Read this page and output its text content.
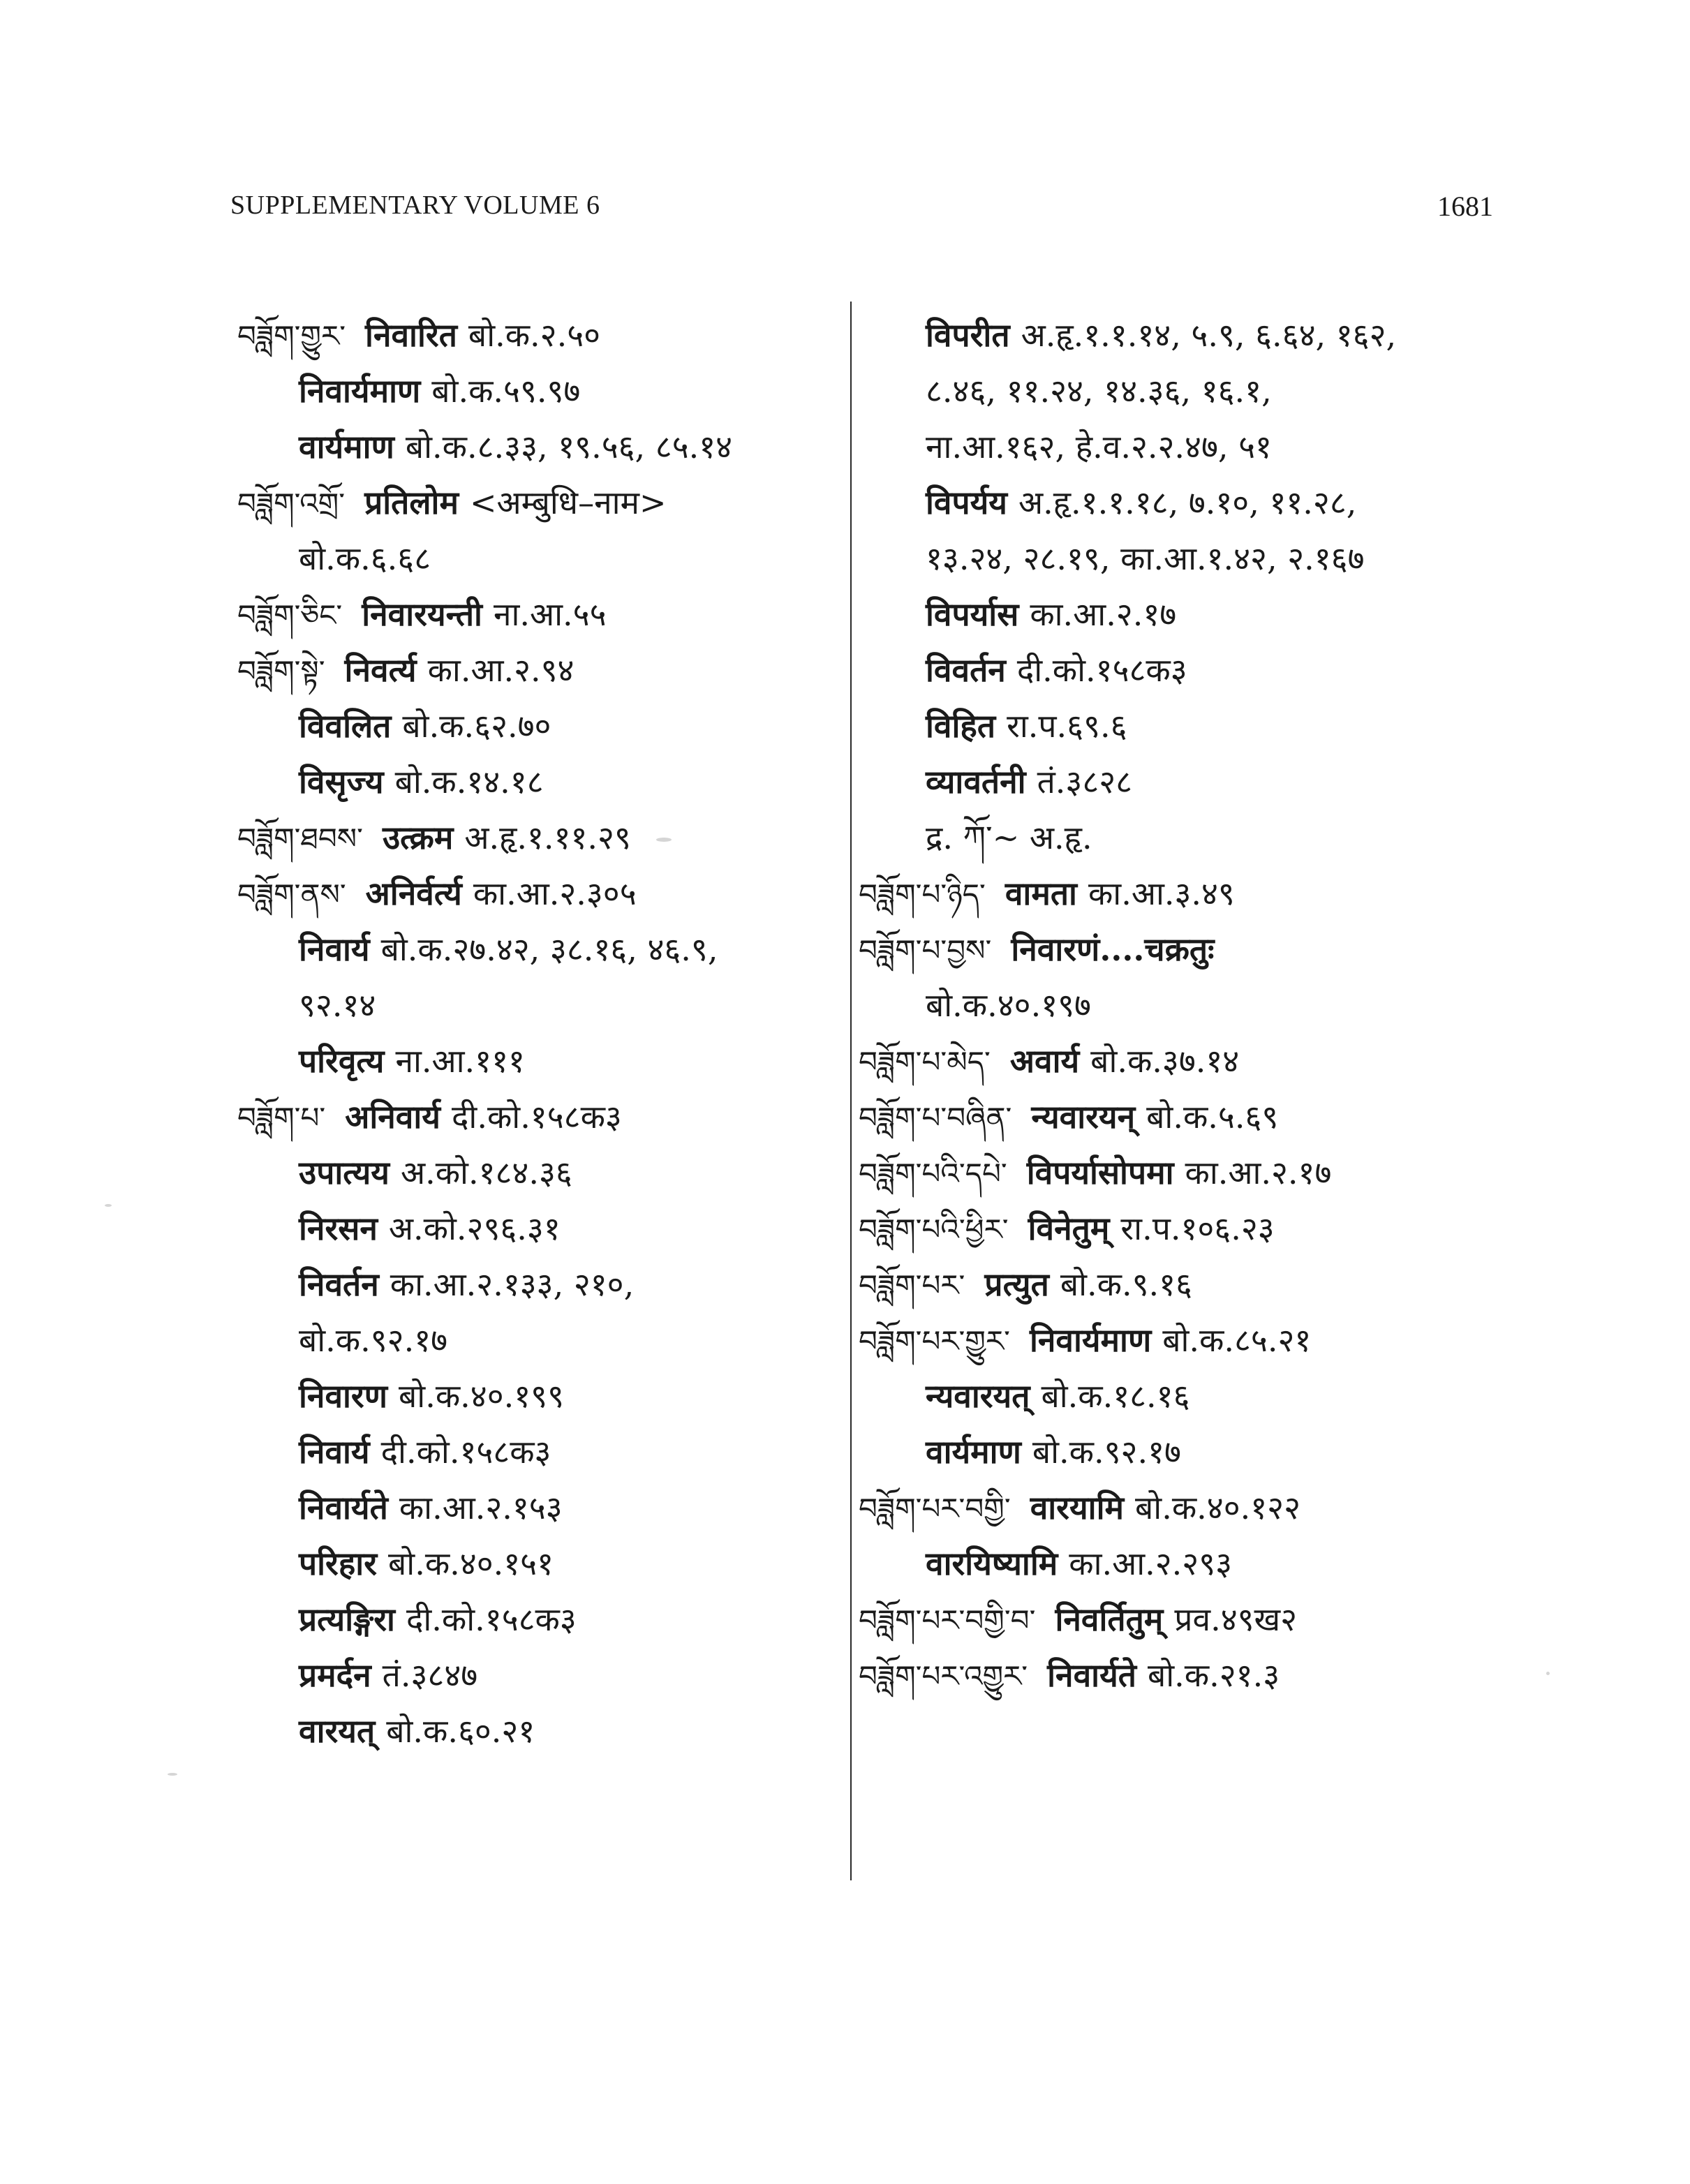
SUPPLEMENTARY VOLUME 6	1681
བཟློག་གྱུར་ निवारित बो.क.२.५०
निवार्यमाण बो.क.५९.९७
वार्यमाण बो.क.८.३३, १९.५६, ८५.१४
བཟློག་འགྲོ་ प्रतिलोम <अम्बुधि–नाम>
बो.क.६.६८
བཟློག་ཅིང་ निवारयन्ती ना.आ.५५
བཟློག་སྟེ་ निवर्त्य का.आ.२.९४
विवलित बो.क.६२.७०
विसृज्य बो.क.१४.१८
བཟློག་ཐབས་ उत्क्रम अ.हृ.१.११.२९
བཟློག་ནས་ अनिर्वर्त्य का.आ.२.३०५
निवार्य बो.क.२७.४२, ३८.१६, ४६.९,
९२.१४
परिवृत्य ना.आ.१११
བཟློག་པ་ अनिवार्य दी.को.१५८क३
उपात्यय अ.को.१८४.३६
निरसन अ.को.२९६.३१
निवर्तन का.आ.२.१३३, २१०,
बो.क.९२.१७
निवारण बो.क.४०.१९९
निवार्य दी.को.१५८क३
निवार्यते का.आ.२.१५३
परिहार बो.क.४०.१५१
प्रत्यङ्गिरा दी.को.१५८क३
प्रमर्दन तं.३८४७
वारयत् बो.क.६०.२१
विपरीत अ.हृ.१.१.१४, ५.९, ६.६४, १६२,
८.४६, ११.२४, १४.३६, १६.१,
ना.आ.१६२, हे.व.२.२.४७, ५१
विपर्यय अ.हृ.१.१.१८, ७.१०, ११.२८,
१३.२४, २८.१९, का.आ.१.४२, २.१६७
विपर्यास का.आ.२.१७
विवर्तन दी.को.१५८क३
विहित रा.प.६९.६
व्यावर्तनी तं.३८२८
द्र. ཀོ་~ अ.हृ.
བཟློག་པ་ཉིད་ वामता का.आ.३.४९
བཟློག་པ་བྱས་ निवारणं....चक्रतुः
बो.क.४०.१९७
བཟློག་པ་མེད་ अवार्य बो.क.३७.१४
བཟློག་པ་བཞིན་ न्यवारयन् बो.क.५.६९
བཟློག་པའི་དཔེ་ विपर्यासोपमा का.आ.२.१७
བཟློག་པའི་ཕྱིར་ विनेतुम् रा.प.१०६.२३
བཟློག་པར་ प्रत्युत बो.क.९.१६
བཟློག་པར་གྱུར་ निवार्यमाण बो.क.८५.२१
न्यवारयत् बो.क.१८.१६
वार्यमाण बो.क.९२.१७
བཟློག་པར་བགྱི་ वारयामि बो.क.४०.१२२
वारयिष्यामि का.आ.२.२९३
བཟློག་པར་བགྱི་བ་ निवर्तितुम् प्रव.४९ख२
བཟློག་པར་འགྱུར་ निवार्यते बो.क.२१.३
